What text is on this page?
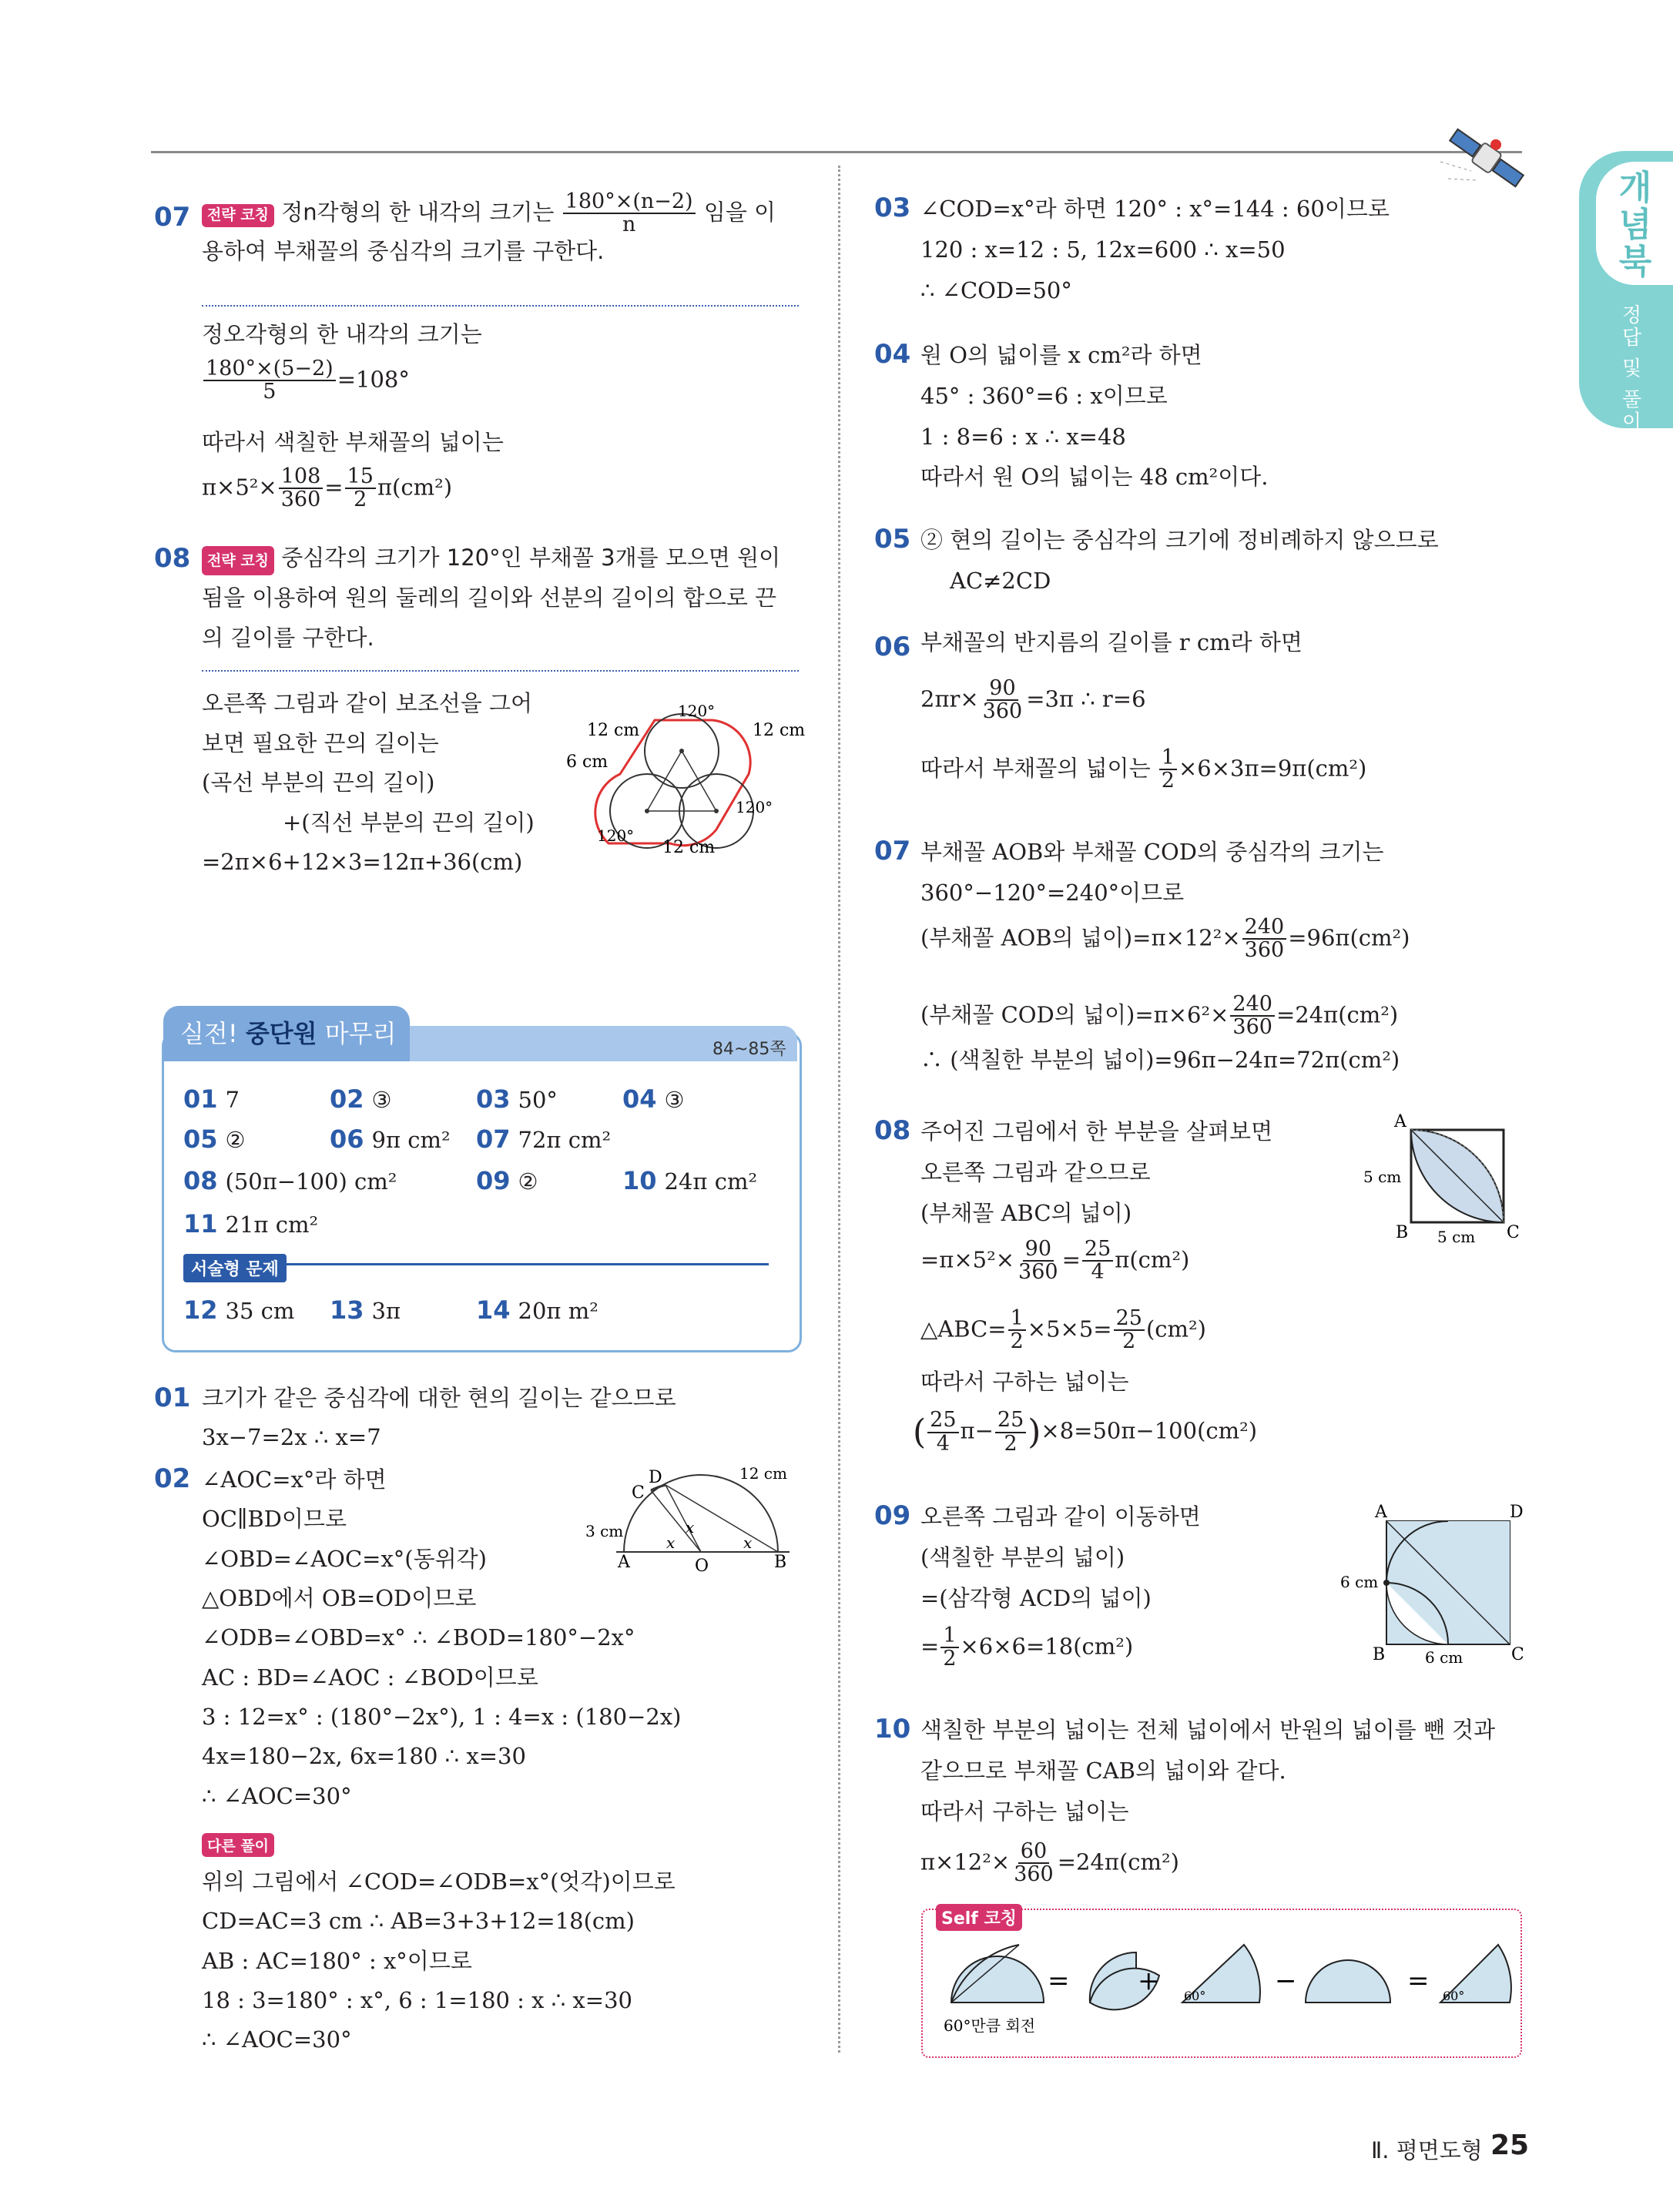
개념북
정답 및 풀이
07	전략 코칭 정n각형의 한 내각의 크기는 $\frac{180^\circ\times(n-2)}{n}$ 임을 이
용하여 부채꼴의 중심각의 크기를 구한다.
정오각형의 한 내각의 크기는
$\frac{180^\circ\times(5-2)}{5} =108^\circ$
따라서 색칠한 부채꼴의 넓이는
$\pi\times 5^2\times \frac{108}{360} = \frac{15}{2} \pi(cm^2)$
08	전략 코칭 중심각의 크기가 120°인 부채꼴 3개를 모으면 원이
됨을 이용하여 원의 둘레의 길이와 선분의 길이의 합으로 끈
의 길이를 구한다.
오른쪽 그림과 같이 보조선을 그어
보면 필요한 끈의 길이는
(곡선 부분의 끈의 길이)
+(직선 부분의 끈의 길이)
=2π×6+12×3=12π+36(cm)
120°
120°
120°
12 cm	12 cm
12 cm
6 cm
실전! 중단원 마무리
84~85쪽
01 7	02 ③	03 50°	04 ③
05 ②	06 9π cm² 07 72π cm²
08 (50π−100) cm²	09 ②	10 24π cm²
11 21π cm²
서술형 문제
12 35 cm 13 3π	14 20π m²
01 크기가 같은 중심각에 대한 현의 길이는 같으므로
3x−7=2x ∴ x=7
02 ∠AOC=x°라 하면
OC∥BD이므로
∠OBD=∠AOC=x°(동위각)
△OBD에서 OB=OD이므로
∠ODB=∠OBD=x° ∴ ∠BOD=180°−2x°
AC : BD=∠AOC : ∠BOD이므로
3 : 12=x° : (180°−2x°), 1 : 4=x : (180−2x)
4x=180−2x, 6x=180 ∴ x=30
∴ ∠AOC=30°
다른 풀이
위의 그림에서 ∠COD=∠ODB=x°(엇각)이므로
CD=AC=3 cm ∴ AB=3+3+12=18(cm)
AB : AC=180° : x°이므로
18 : 3=180° : x°, 6 : 1=180 : x ∴ x=30
∴ ∠AOC=30°
D
C
A	O	B
12 cm
3 cm	x
x	x
03 ∠COD=x°라 하면 120° : x°=144 : 60이므로
120 : x=12 : 5, 12x=600 ∴ x=50
∴ ∠COD=50°
04 원 O의 넓이를 x cm²라 하면
45° : 360°=6 : x이므로
1 : 8=6 : x ∴ x=48
따라서 원 O의 넓이는 48 cm²이다.
05 ② 현의 길이는 중심각의 크기에 정비례하지 않으므로
AC≠2CD
06 부채꼴의 반지름의 길이를 r cm라 하면
$2\pi r\times \frac{90}{360} =3\pi$ ∴ r=6
따라서 부채꼴의 넓이는 $\frac{1}{2} \times 6\times 3\pi=9\pi(cm^2)$
07 부채꼴 AOB와 부채꼴 COD의 중심각의 크기는
360°−120°=240°이므로
(부채꼴 AOB의 넓이)$=\pi\times 12^2\times \frac{240}{360} =96\pi(cm^2)$
(부채꼴 COD의 넓이)$=\pi\times 6^2\times \frac{240}{360} =24\pi(cm^2)$
∴ (색칠한 부분의 넓이)=96π−24π=72π(cm²)
08 주어진 그림에서 한 부분을 살펴보면
오른쪽 그림과 같으므로
(부채꼴 ABC의 넓이)
$=\pi\times 5^2\times \frac{90}{360} = \frac{25}{4} \pi(cm^2)$
△ABC= $\frac{1}{2} \times 5\times 5= \frac{25}{2} (cm^2)$
따라서 구하는 넓이는
( $\frac{25}{4} \pi- \frac{25}{2} )\times 8=50\pi-100(cm^2)$
A
B	C
5 cm
5 cm
09 오른쪽 그림과 같이 이동하면
(색칠한 부분의 넓이)
=(삼각형 ACD의 넓이)
= $\frac{1}{2} \times 6\times 6=18(cm^2)$
A	D
B	C
6 cm
6 cm
10 색칠한 부분의 넓이는 전체 넓이에서 반원의 넓이를 뺀 것과
같으므로 부채꼴 CAB의 넓이와 같다.
따라서 구하는 넓이는
$\pi\times 12^2\times \frac{60}{360} =24\pi(cm^2)$
Self 코칭
=	+ 60°	−	= 60°
60°만큼 회전
Ⅱ. 평면도형 25
